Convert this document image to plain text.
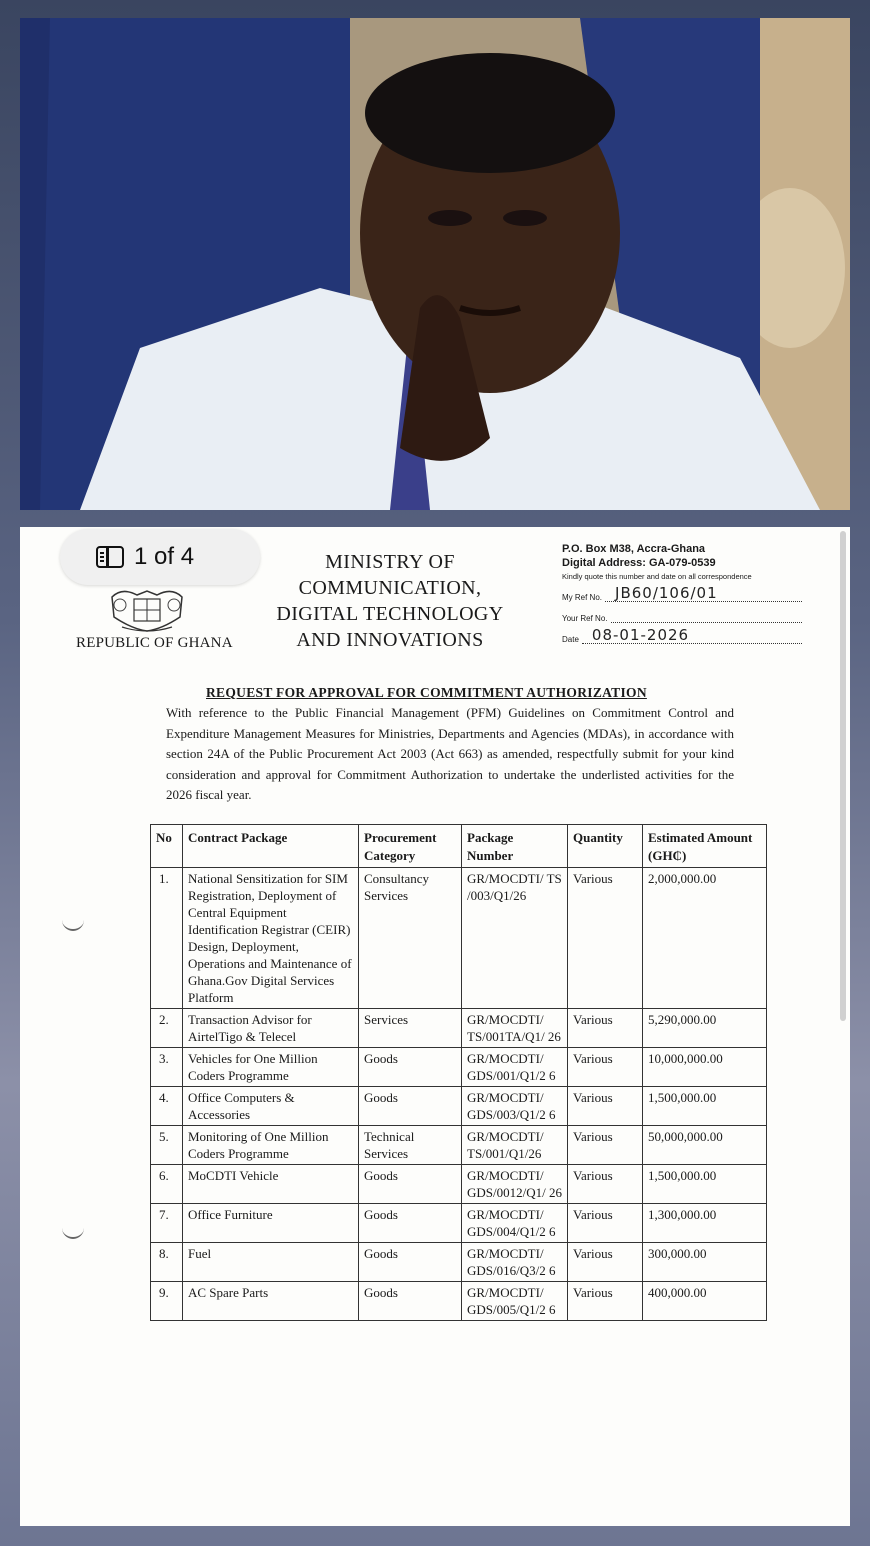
1 of 4
REPUBLIC OF GHANA
MINISTRY OF
COMMUNICATION,
DIGITAL TECHNOLOGY
AND INNOVATIONS
P.O. Box M38, Accra-Ghana
Digital Address: GA-079-0539
Kindly quote this number and date on all correspondence
My Ref No. JB60/106/01
Your Ref No.
Date 08-01-2026
REQUEST FOR APPROVAL FOR COMMITMENT AUTHORIZATION
With reference to the Public Financial Management (PFM) Guidelines on Commitment Control and Expenditure Management Measures for Ministries, Departments and Agencies (MDAs), in accordance with section 24A of the Public Procurement Act 2003 (Act 663) as amended, respectfully submit for your kind consideration and approval for Commitment Authorization to undertake the underlisted activities for the 2026 fiscal year.
No	Contract Package	Procurement Category	Package Number	Quantity	Estimated Amount (GH₵)
1.	National Sensitization for SIM Registration, Deployment of Central Equipment Identification Registrar (CEIR) Design, Deployment, Operations and Maintenance of Ghana.Gov Digital Services Platform	Consultancy Services	GR/MOCDTI/ TS /003/Q1/26	Various	2,000,000.00
2.	Transaction Advisor for AirtelTigo & Telecel	Services	GR/MOCDTI/ TS/001TA/Q1/ 26	Various	5,290,000.00
3.	Vehicles for One Million Coders Programme	Goods	GR/MOCDTI/ GDS/001/Q1/2 6	Various	10,000,000.00
4.	Office Computers & Accessories	Goods	GR/MOCDTI/ GDS/003/Q1/2 6	Various	1,500,000.00
5.	Monitoring of One Million Coders Programme	Technical Services	GR/MOCDTI/ TS/001/Q1/26	Various	50,000,000.00
6.	MoCDTI Vehicle	Goods	GR/MOCDTI/ GDS/0012/Q1/ 26	Various	1,500,000.00
7.	Office Furniture	Goods	GR/MOCDTI/ GDS/004/Q1/2 6	Various	1,300,000.00
8.	Fuel	Goods	GR/MOCDTI/ GDS/016/Q3/2 6	Various	300,000.00
9.	AC Spare Parts	Goods	GR/MOCDTI/ GDS/005/Q1/2 6	Various	400,000.00
